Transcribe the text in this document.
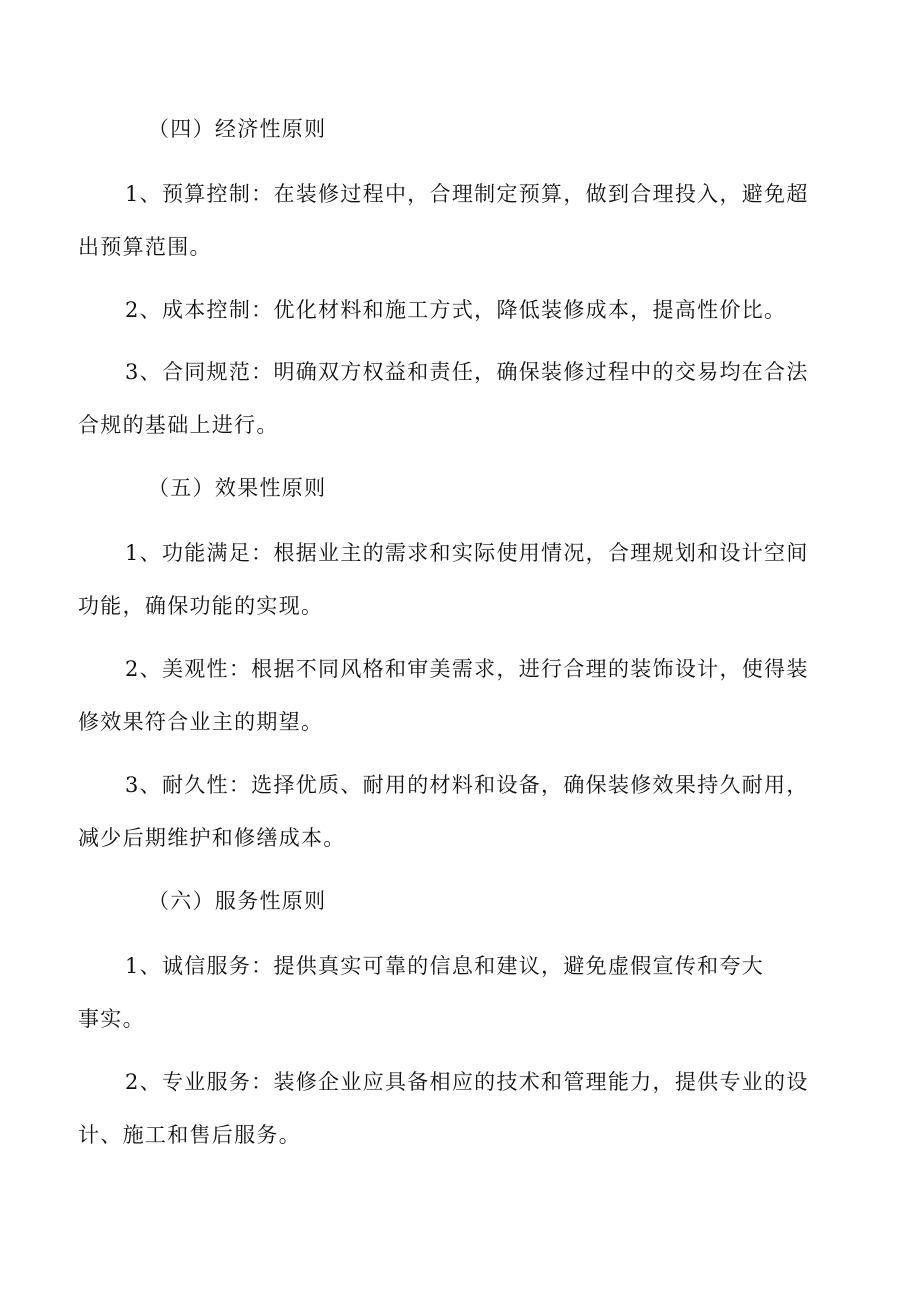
（四）经济性原则
1、预算控制：在装修过程中，合理制定预算，做到合理投入，避免超
出预算范围。
2、成本控制：优化材料和施工方式，降低装修成本，提高性价比。
3、合同规范：明确双方权益和责任，确保装修过程中的交易均在合法
合规的基础上进行。
（五）效果性原则
1、功能满足：根据业主的需求和实际使用情况，合理规划和设计空间
功能，确保功能的实现。
2、美观性：根据不同风格和审美需求，进行合理的装饰设计，使得装
修效果符合业主的期望。
3、耐久性：选择优质、耐用的材料和设备，确保装修效果持久耐用，
减少后期维护和修缮成本。
（六）服务性原则
1、诚信服务：提供真实可靠的信息和建议，避免虚假宣传和夸大
事实。
2、专业服务：装修企业应具备相应的技术和管理能力，提供专业的设
计、施工和售后服务。
